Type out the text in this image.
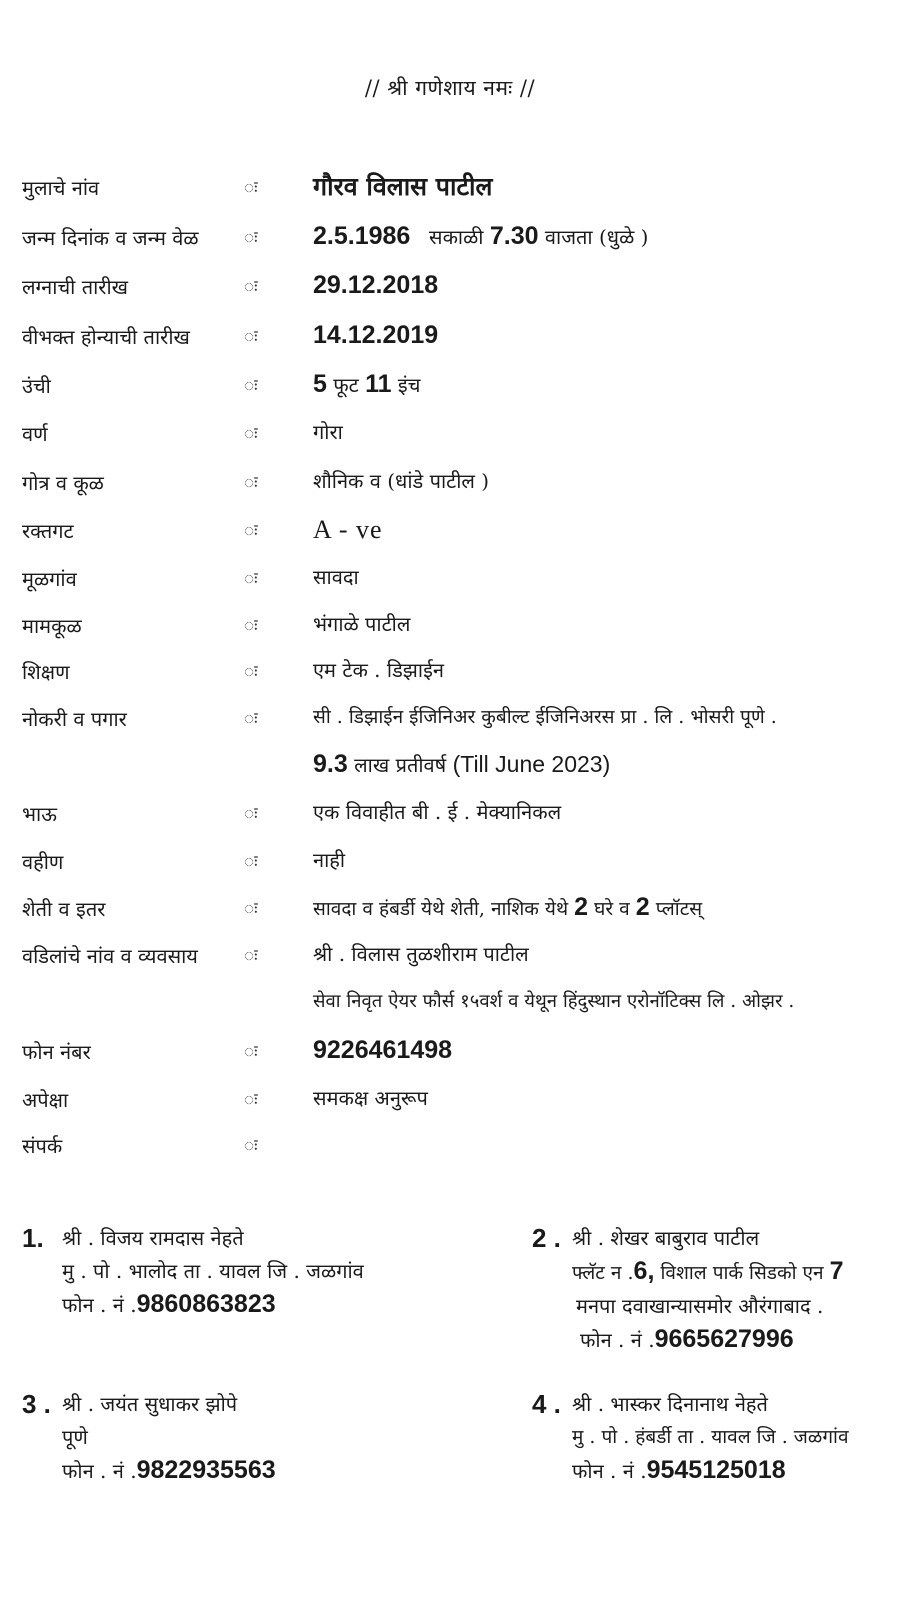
// श्री गणेशाय नमः //
मुलाचे नांव	ः गौरव विलास पाटील
जन्म दिनांक व जन्म वेळ	ः 2.5.1986 सकाळी 7.30 वाजता (धुळे )
लग्नाची तारीख	ः 29.12.2018
वीभक्त होन्याची तारीख	ः 14.12.2019
उंची	ः 5 फूट 11 इंच
वर्ण	ः	गोरा
गोत्र व कूळ	ः	शौनिक व (धांडे पाटील )
रक्तगट	ः A - ve
मूळगांव	ः	सावदा
मामकूळ	ः	भंगाळे पाटील
शिक्षण	ः	एम टेक . डिझाईन
नोकरी व पगार	ः	सी . डिझाईन ईजिनिअर कुबील्ट ईजिनिअरस प्रा . लि . भोसरी पूणे .
9.3 लाख प्रतीवर्ष (Till June 2023)
भाऊ	ः	एक विवाहीत बी . ई . मेक्यानिकल
वहीण	ः	नाही
शेती व इतर	ः	सावदा व हंबर्डी येथे शेती, नाशिक येथे 2 घरे व 2 प्लॉटस्
वडिलांचे नांव व व्यवसाय	ः	श्री . विलास तुळशीराम पाटील
सेवा निवृत ऐयर फौर्स १५वर्श व येथून हिंदुस्थान एरोनॉटिक्स लि . ओझर .
फोन नंबर	ः 9226461498
अपेक्षा	ः	समकक्ष अनुरूप
संपर्क	ः
1. श्री . विजय रामदास नेहते
मु . पो . भालोद ता . यावल जि . जळगांव
फोन . नं .9860863823
2 . श्री . शेखर बाबुराव पाटील
फ्लॅट न .6, विशाल पार्क सिडको एन 7
मनपा दवाखान्यासमोर औरंगाबाद .
फोन . नं .9665627996
3 . श्री . जयंत सुधाकर झोपे
पूणे
फोन . नं .9822935563
4 . श्री . भास्कर दिनानाथ नेहते
मु . पो . हंबर्डी ता . यावल जि . जळगांव
फोन . नं .9545125018
